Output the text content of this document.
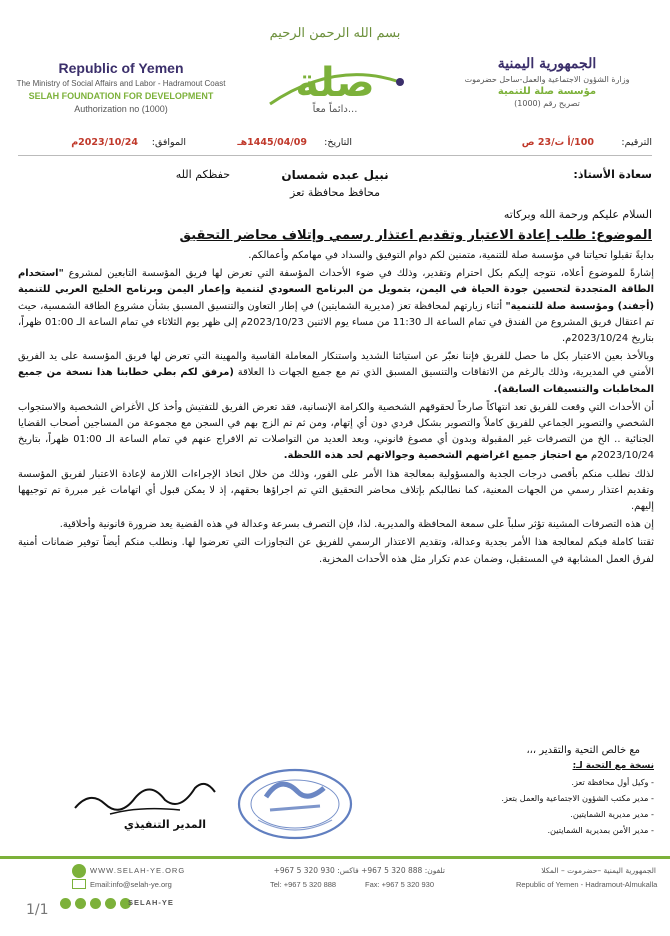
بسم الله الرحمن الرحيم
صلة
دائماً معاً...
Republic of Yemen
The Ministry of Social Affairs and Labor - Hadramout Coast
SELAH FOUNDATION FOR DEVELOPMENT
Authorization no (1000)
الجمهورية اليمنية
وزارة الشؤون الاجتماعية والعمل-ساحل حضرموت
مؤسسة صلة للتنمية
تصريح رقم (1000)
الترقيم:
100/أ ت/23 ص
التاريخ:
1445/04/09هـ
الموافق:
2023/10/24م
سعادة الأستاذ:
نبيل عبده شمسان
محافظ محافظة تعز
حفظكم الله
السلام عليكم ورحمة الله وبركاته
الموضوع: طلب إعادة الاعتبار وتقديم اعتذار رسمي وإتلاف محاضر التحقيق

بدايةً تقبلوا تحياتنا في مؤسسة صلة للتنمية، متمنين لكم دوام التوفيق والسداد في مهامكم وأعمالكم.

إشارةً للموضوع أعلاه، نتوجه إليكم بكل احترام وتقدير، وذلك في ضوء الأحداث المؤسفة التي تعرض لها فريق المؤسسة التابعين لمشروع "استخدام الطاقة المتجددة لتحسين جودة الحياة في اليمن، بتمويل من البرنامج السعودي لتنمية وإعمار اليمن وبرنامج الخليج العربي للتنمية (أجفند) ومؤسسة صلة للتنمية" أثناء زيارتهم لمحافظة تعز (مديرية الشمايتين) في إطار التعاون والتنسيق المسبق بشأن مشروع الطاقة الشمسية، حيث تم اعتقال فريق المشروع من الفندق في تمام الساعة الـ 11:30 من مساء يوم الاثنين 2023/10/23م إلى ظهر يوم الثلاثاء في تمام الساعة الـ 01:00 ظهراً، بتاريخ 2023/10/24م.

وبالأخذ بعين الاعتبار بكل ما حصل للفريق فإننا نعبّر عن استيائنا الشديد واستنكار المعاملة القاسية والمهينة التي تعرض لها فريق المؤسسة على يد الفريق الأمني في المديرية، وذلك بالرغم من الاتفاقات والتنسيق المسبق الذي تم مع جميع الجهات ذا العلاقة (مرفق لكم بطي خطابنا هذا نسخة من جميع المخاطبات والتنسيقات السابقة).

أن الأحداث التي وقعت للفريق تعد انتهاكاً صارخاً لحقوقهم الشخصية والكرامة الإنسانية، فقد تعرض الفريق للتفتيش وأخذ كل الأغراض الشخصية والاستجواب الشخصي والتصوير الجماعي للفريق كاملاً والتصوير بشكل فردي دون أي إتهام، ومن ثم تم الزج بهم في السجن مع مجموعة من المساجين أصحاب القضايا الجنائية .. الخ من التصرفات غير المقبولة وبدون أي مصوغ قانوني، وبعد العديد من التواصلات تم الافراج عنهم في تمام الساعة الـ 01:00 ظهراً، بتاريخ 2023/10/24م مع احتجاز جميع اغراضهم الشخصية وجوالاتهم لحد هذه اللحظة.

لذلك نطلب منكم بأقصى درجات الجدية والمسؤولية بمعالجة هذا الأمر على الفور، وذلك من خلال اتخاذ الإجراءات اللازمة لإعادة الاعتبار لفريق المؤسسة وتقديم اعتذار رسمي من الجهات المعنية، كما نطالبكم بإتلاف محاضر التحقيق التي تم اجراؤها بحقهم، إذ لا يمكن قبول أي اتهامات غير مبررة تم توجيهها إليهم.

إن هذه التصرفات المشينة تؤثر سلباً على سمعة المحافظة والمديرية. لذا، فإن التصرف بسرعة وعدالة في هذه القضية يعد ضرورة قانونية وأخلاقية.

ثقتنا كاملة فيكم لمعالجة هذا الأمر بجدية وعدالة، وتقديم الاعتذار الرسمي للفريق عن التجاوزات التي تعرضوا لها. ونطلب منكم أيضاً توفير ضمانات أمنية لفرق العمل المشابهة في المستقبل، وضمان عدم تكرار مثل هذه الأحداث المخزية.

مع خالص التحية والتقدير ،،،
نسخة مع التحية لـ:
- وكيل أول محافظة تعز.
- مدير مكتب الشؤون الاجتماعية والعمل بتعز.
- مدير مديرية الشمايتين.
- مدير الأمن بمديرية الشمايتين.
المدير التنفيذي
الجمهورية اليمنية –حضرموت – المكلا
Republic of Yemen - Hadramout-Almukalla
تلفون: 888 320 5 967+ فاكس: 930 320 5 967+
Tel: +967 5 320 888	Fax: +967 5 320 930
WWW.SELAH-YE.ORG
Email:info@selah-ye.org
SELAH-YE
1/1
